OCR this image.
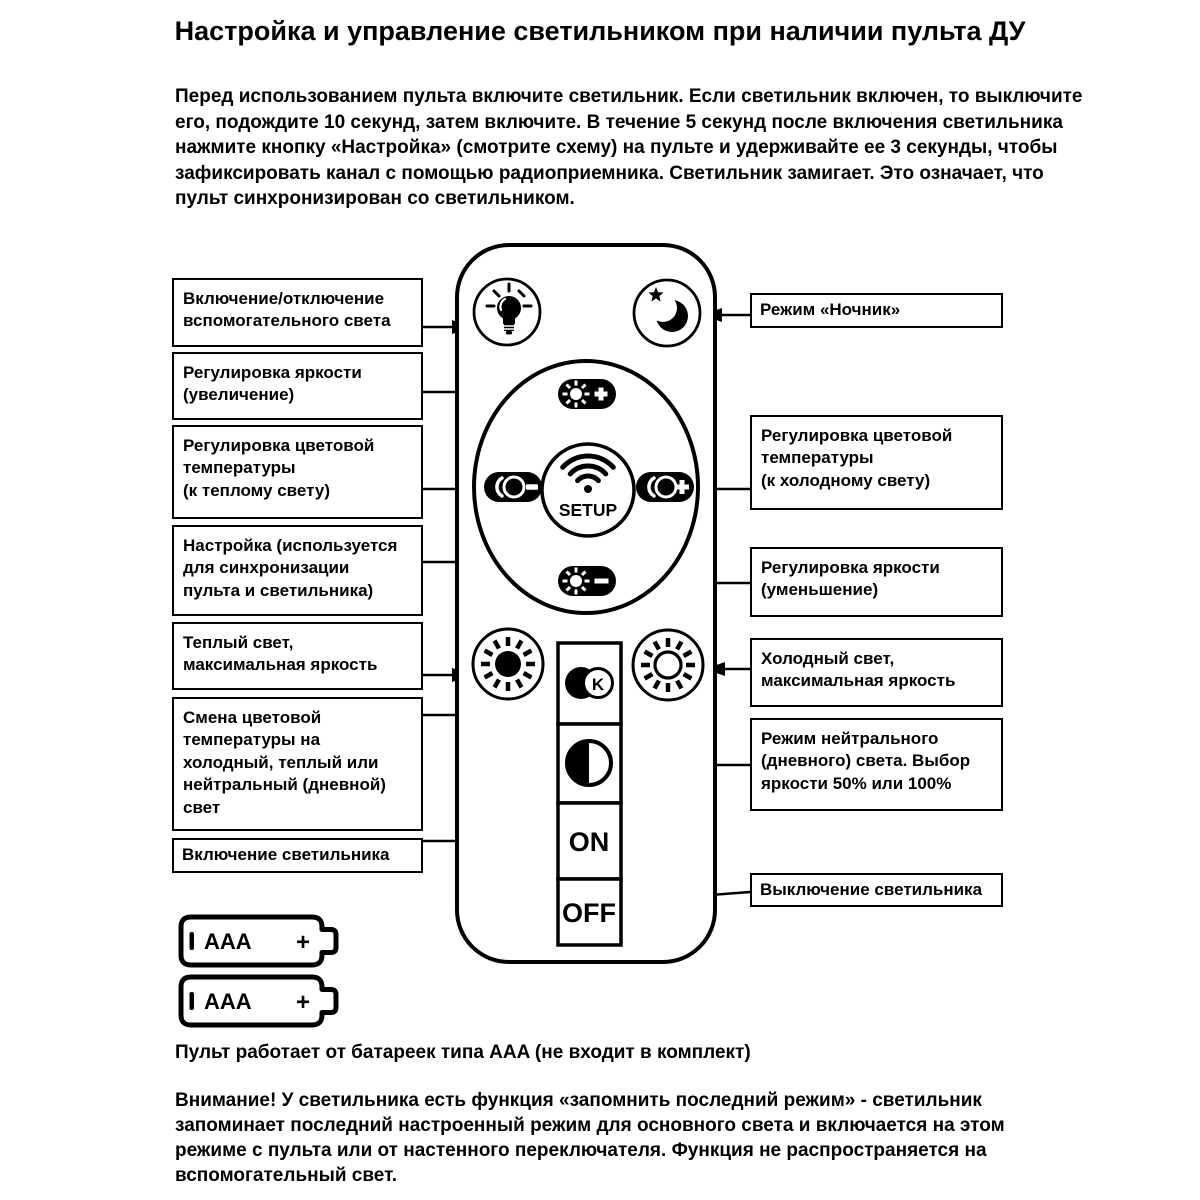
Настройка и управление светильником при наличии пульта ДУ

Перед использованием пульта включите светильник. Если светильник включен, то выключите
его, подождите 10 секунд, затем включите. В течение 5 секунд после включения светильника
нажмите кнопку «Настройка» (смотрите схему) на пульте и удерживайте ее 3 секунды, чтобы
зафиксировать канал с помощью радиоприемника. Светильник замигает. Это означает, что
пульт синхронизирован со светильником.

K	K
SETUP
K
ON
OFF
AAA +
AAA +
Включение/отключение
вспомогательного света
Регулировка яркости
(увеличение)
Регулировка цветовой
температуры
(к теплому свету)
Настройка (используется
для синхронизации
пульта и светильника)
Теплый свет,
максимальная яркость
Смена цветовой
температуры на
холодный, теплый или
нейтральный (дневной)
свет
Включение светильника
Режим «Ночник»
Регулировка цветовой
температуры
(к холодному свету)
Регулировка яркости
(уменьшение)
Холодный свет,
максимальная яркость
Режим нейтрального
(дневного) света. Выбор
яркости 50% или 100%
Выключение светильника

Пульт работает от батареек типа AAA (не входит в комплект)

Внимание! У светильника есть функция «запомнить последний режим» - светильник
запоминает последний настроенный режим для основного света и включается на этом
режиме с пульта или от настенного переключателя. Функция не распространяется на
вспомогательный свет.
